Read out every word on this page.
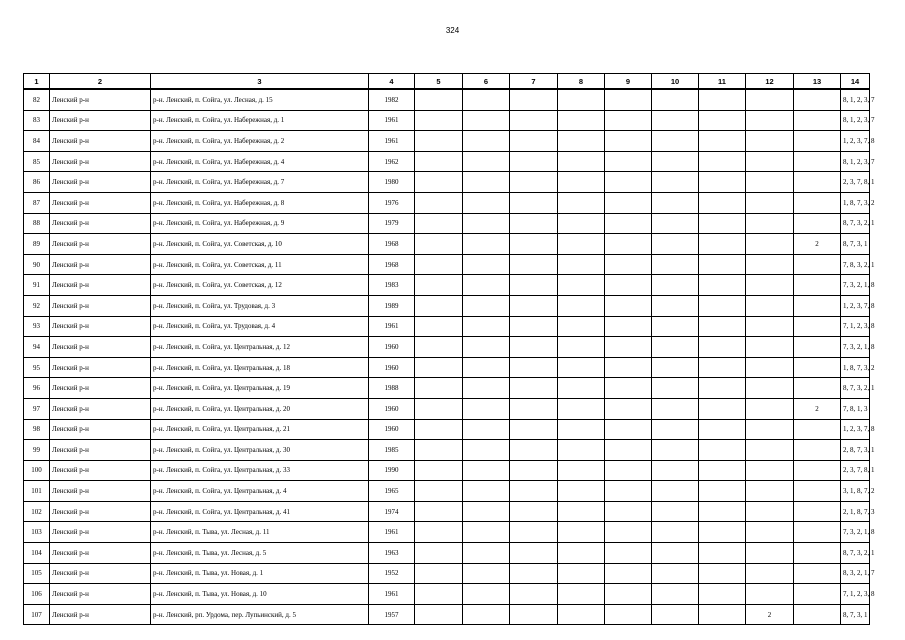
324
1	2	3	4	5	6	7	8	9	10	11	12	13	14
82	Ленский р-н	р-н. Ленский, п. Сойга, ул. Лесная, д. 15	1982										8, 1, 2, 3, 7
83	Ленский р-н	р-н. Ленский, п. Сойга, ул. Набережная, д. 1	1961										8, 1, 2, 3, 7
84	Ленский р-н	р-н. Ленский, п. Сойга, ул. Набережная, д. 2	1961										1, 2, 3, 7, 8
85	Ленский р-н	р-н. Ленский, п. Сойга, ул. Набережная, д. 4	1962										8, 1, 2, 3, 7
86	Ленский р-н	р-н. Ленский, п. Сойга, ул. Набережная, д. 7	1980										2, 3, 7, 8, 1
87	Ленский р-н	р-н. Ленский, п. Сойга, ул. Набережная, д. 8	1976										1, 8, 7, 3, 2
88	Ленский р-н	р-н. Ленский, п. Сойга, ул. Набережная, д. 9	1979										8, 7, 3, 2, 1
89	Ленский р-н	р-н. Ленский, п. Сойга, ул. Советская, д. 10	1968									2	8, 7, 3, 1
90	Ленский р-н	р-н. Ленский, п. Сойга, ул. Советская, д. 11	1968										7, 8, 3, 2, 1
91	Ленский р-н	р-н. Ленский, п. Сойга, ул. Советская, д. 12	1983										7, 3, 2, 1, 8
92	Ленский р-н	р-н. Ленский, п. Сойга, ул. Трудовая, д. 3	1989										1, 2, 3, 7, 8
93	Ленский р-н	р-н. Ленский, п. Сойга, ул. Трудовая, д. 4	1961										7, 1, 2, 3, 8
94	Ленский р-н	р-н. Ленский, п. Сойга, ул. Центральная, д. 12	1960										7, 3, 2, 1, 8
95	Ленский р-н	р-н. Ленский, п. Сойга, ул. Центральная, д. 18	1960										1, 8, 7, 3, 2
96	Ленский р-н	р-н. Ленский, п. Сойга, ул. Центральная, д. 19	1988										8, 7, 3, 2, 1
97	Ленский р-н	р-н. Ленский, п. Сойга, ул. Центральная, д. 20	1960									2	7, 8, 1, 3
98	Ленский р-н	р-н. Ленский, п. Сойга, ул. Центральная, д. 21	1960										1, 2, 3, 7, 8
99	Ленский р-н	р-н. Ленский, п. Сойга, ул. Центральная, д. 30	1985										2, 8, 7, 3, 1
100	Ленский р-н	р-н. Ленский, п. Сойга, ул. Центральная, д. 33	1990										2, 3, 7, 8, 1
101	Ленский р-н	р-н. Ленский, п. Сойга, ул. Центральная, д. 4	1965										3, 1, 8, 7, 2
102	Ленский р-н	р-н. Ленский, п. Сойга, ул. Центральная, д. 41	1974										2, 1, 8, 7, 3
103	Ленский р-н	р-н. Ленский, п. Тыва, ул. Лесная, д. 11	1961										7, 3, 2, 1, 8
104	Ленский р-н	р-н. Ленский, п. Тыва, ул. Лесная, д. 5	1963										8, 7, 3, 2, 1
105	Ленский р-н	р-н. Ленский, п. Тыва, ул. Новая, д. 1	1952										8, 3, 2, 1, 7
106	Ленский р-н	р-н. Ленский, п. Тыва, ул. Новая, д. 10	1961										7, 1, 2, 3, 8
107	Ленский р-н	р-н. Ленский, рп. Урдома, пер. Лупьинский, д. 5	1957								2		8, 7, 3, 1
